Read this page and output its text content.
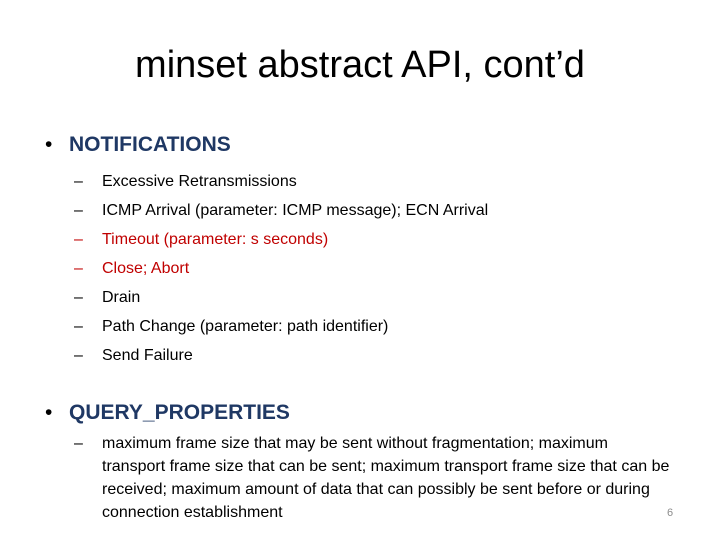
minset abstract API, cont’d
• NOTIFICATIONS
– Excessive Retransmissions
– ICMP Arrival (parameter: ICMP message); ECN Arrival
– Timeout (parameter: s seconds)
– Close; Abort
– Drain
– Path Change (parameter: path identifier)
– Send Failure
• QUERY_PROPERTIES
–	maximum frame size that may be sent without fragmentation; maximum transport frame size that can be sent; maximum transport frame size that can be received; maximum amount of data that can possibly be sent before or during connection establishment	6
